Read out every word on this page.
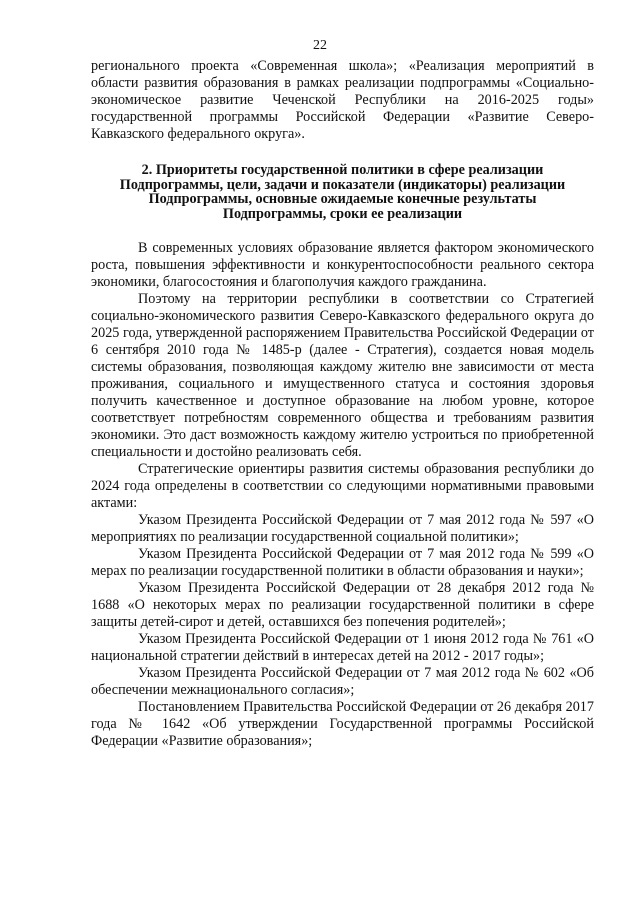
22

регионального проекта «Современная школа»; «Реализация мероприятий в области развития образования в рамках реализации подпрограммы «Социально-экономическое развитие Чеченской Республики на 2016-2025 годы» государственной программы Российской Федерации «Развитие Северо-Кавказского федерального округа».

2. Приоритеты государственной политики в сфере реализации
Подпрограммы, цели, задачи и показатели (индикаторы) реализации
Подпрограммы, основные ожидаемые конечные результаты
Подпрограммы, сроки ее реализации

В современных условиях образование является фактором экономического роста, повышения эффективности и конкурентоспособности реального сектора экономики, благосостояния и благополучия каждого гражданина.

Поэтому на территории республики в соответствии со Стратегией социально-экономического развития Северо-Кавказского федерального округа до 2025 года, утвержденной распоряжением Правительства Российской Федерации от 6 сентября 2010 года № 1485-р (далее - Стратегия), создается новая модель системы образования, позволяющая каждому жителю вне зависимости от места проживания, социального и имущественного статуса и состояния здоровья получить качественное и доступное образование на любом уровне, которое соответствует потребностям современного общества и требованиям развития экономики. Это даст возможность каждому жителю устроиться по приобретенной специальности и достойно реализовать себя.

Стратегические ориентиры развития системы образования республики до 2024 года определены в соответствии со следующими нормативными правовыми актами:

Указом Президента Российской Федерации от 7 мая 2012 года № 597 «О мероприятиях по реализации государственной социальной политики»;

Указом Президента Российской Федерации от 7 мая 2012 года № 599 «О мерах по реализации государственной политики в области образования и науки»;

Указом Президента Российской Федерации от 28 декабря 2012 года № 1688 «О некоторых мерах по реализации государственной политики в сфере защиты детей-сирот и детей, оставшихся без попечения родителей»;

Указом Президента Российской Федерации от 1 июня 2012 года № 761 «О национальной стратегии действий в интересах детей на 2012 - 2017 годы»;

Указом Президента Российской Федерации от 7 мая 2012 года № 602 «Об обеспечении межнационального согласия»;

Постановлением Правительства Российской Федерации от 26 декабря 2017 года № 1642 «Об утверждении Государственной программы Российской Федерации «Развитие образования»;
